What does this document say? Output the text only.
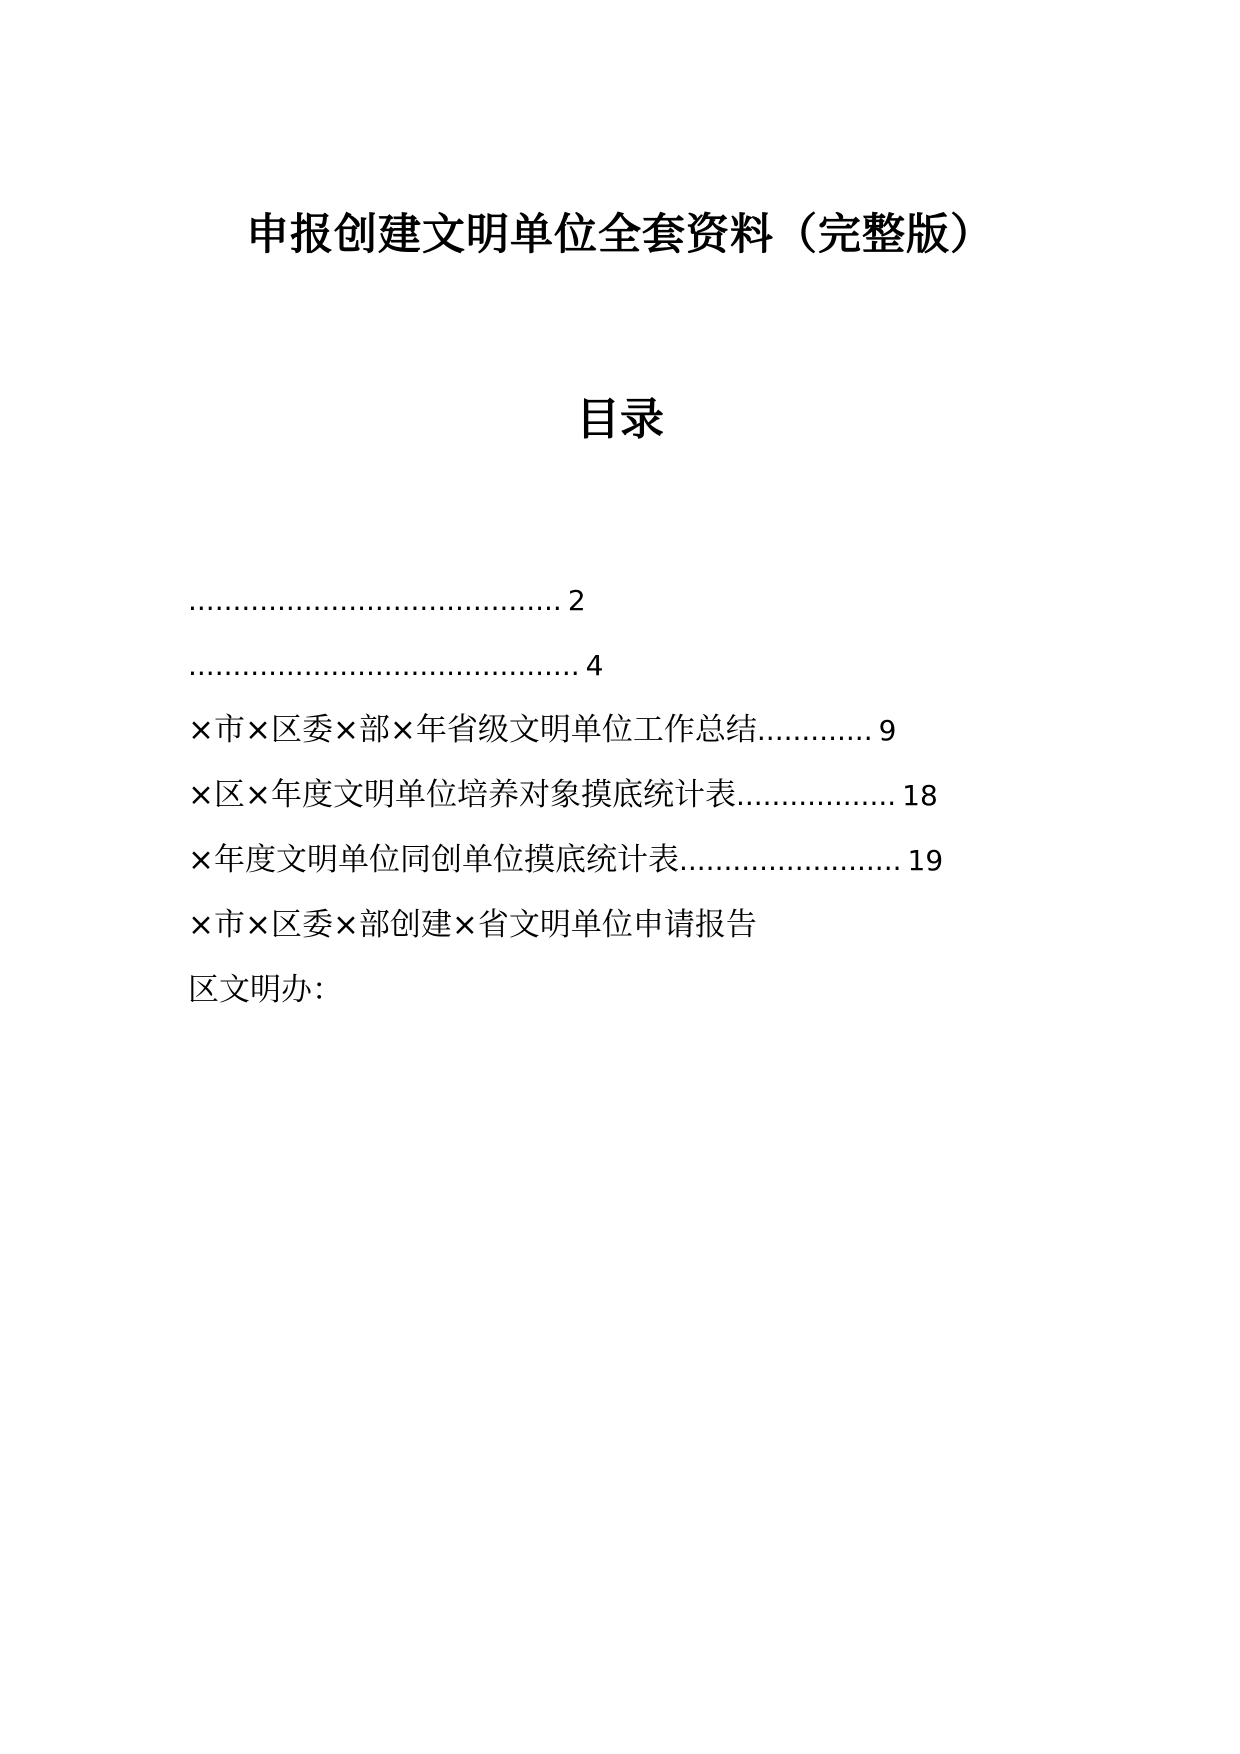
申报创建文明单位全套资料（完整版）
目录
.......................................... 2
............................................ 4
×市×区委×部×年省级文明单位工作总结............. 9
×区×年度文明单位培养对象摸底统计表.................. 18
×年度文明单位同创单位摸底统计表......................... 19
×市×区委×部创建×省文明单位申请报告
区文明办：
